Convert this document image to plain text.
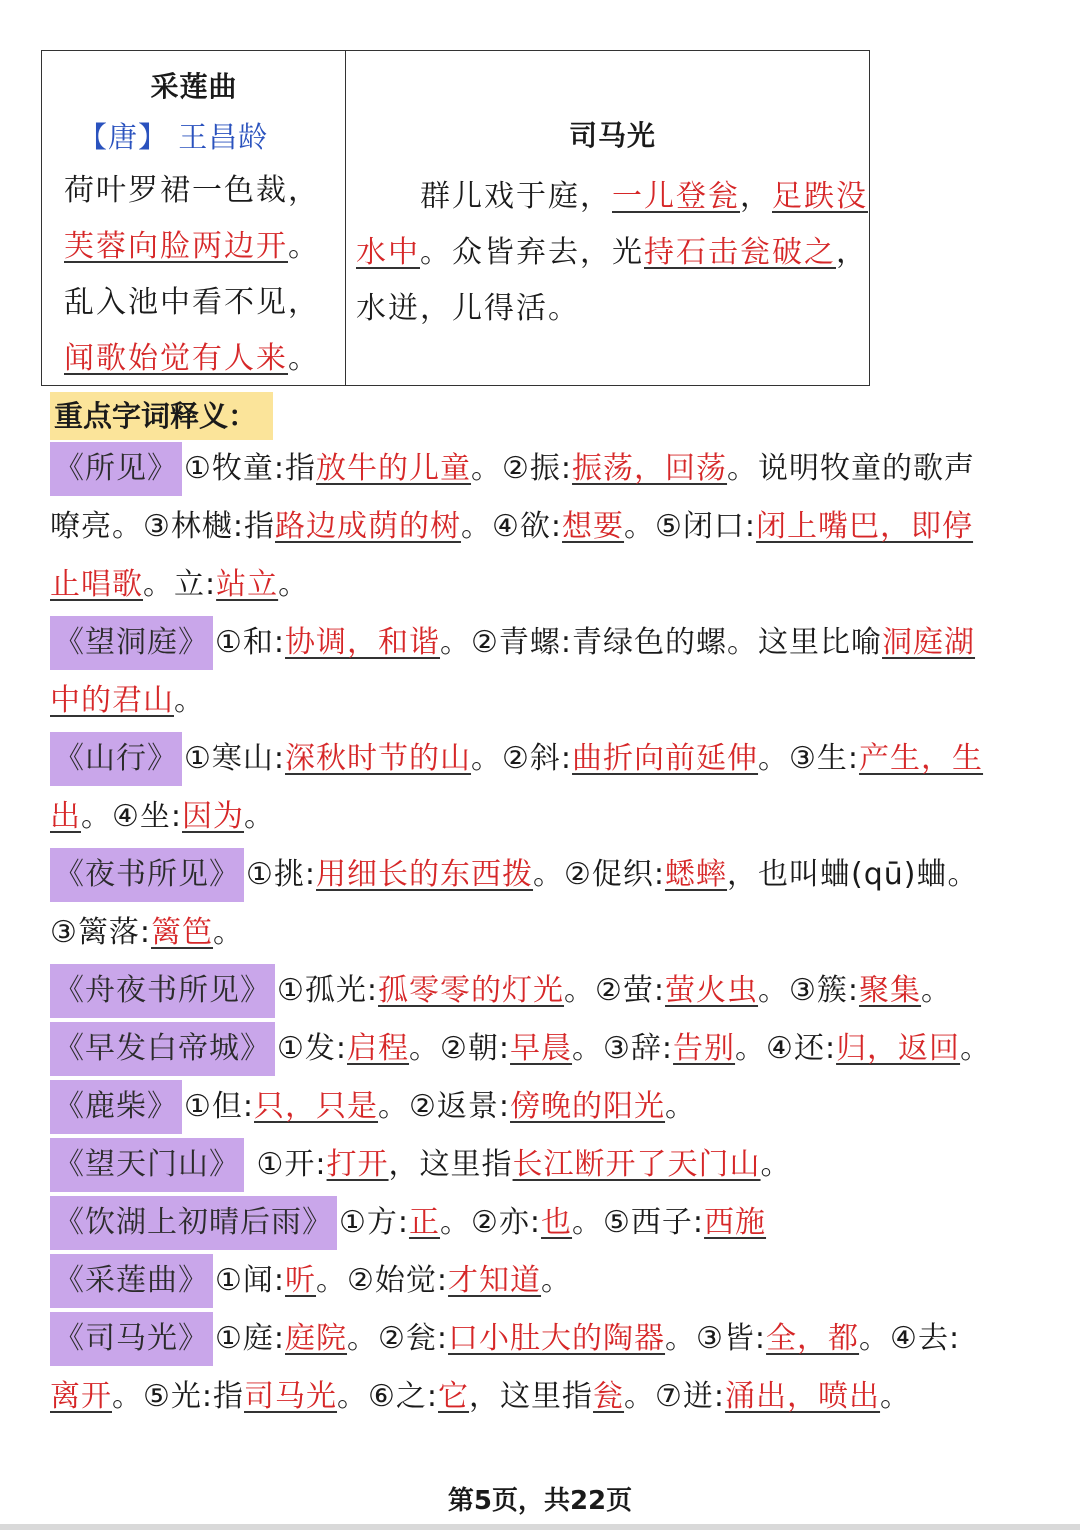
采莲曲
【唐】 王昌龄
荷叶罗裙一色裁，
芙蓉向脸两边开。
乱入池中看不见，
闻歌始觉有人来。
司马光
群儿戏于庭，一儿登瓮，足跌没
水中。众皆弃去，光持石击瓮破之，
水迸，儿得活。
重点字词释义：
《所见》 ①牧童:指放牛的儿童。②振:振荡，回荡。说明牧童的歌声
嘹亮。③林樾:指路边成荫的树。④欲:想要。⑤闭口:闭上嘴巴，即停
止唱歌。立:站立。
《望洞庭》 ①和:协调，和谐。②青螺:青绿色的螺。这里比喻洞庭湖
中的君山。
《山行》 ①寒山:深秋时节的山。②斜:曲折向前延伸。③生:产生，生
出。④坐:因为。
《夜书所见》 ①挑:用细长的东西拨。②促织:蟋蟀，也叫蛐(qū)蛐。
③篱落:篱笆。
《舟夜书所见》 ①孤光:孤零零的灯光。②萤:萤火虫。③簇:聚集。
《早发白帝城》 ①发:启程。②朝:早晨。③辞:告别。④还:归，返回。
《鹿柴》 ①但:只，只是。②返景:傍晚的阳光。
《望天门山》 ①开:打开，这里指长江断开了天门山。
《饮湖上初晴后雨》 ①方:正。②亦:也。⑤西子:西施
《采莲曲》 ①闻:听。②始觉:才知道。
《司马光》 ①庭:庭院。②瓮:口小肚大的陶器。③皆:全，都。④去:
离开。⑤光:指司马光。⑥之:它，这里指瓮。⑦迸:涌出，喷出。
第5页，共22页
